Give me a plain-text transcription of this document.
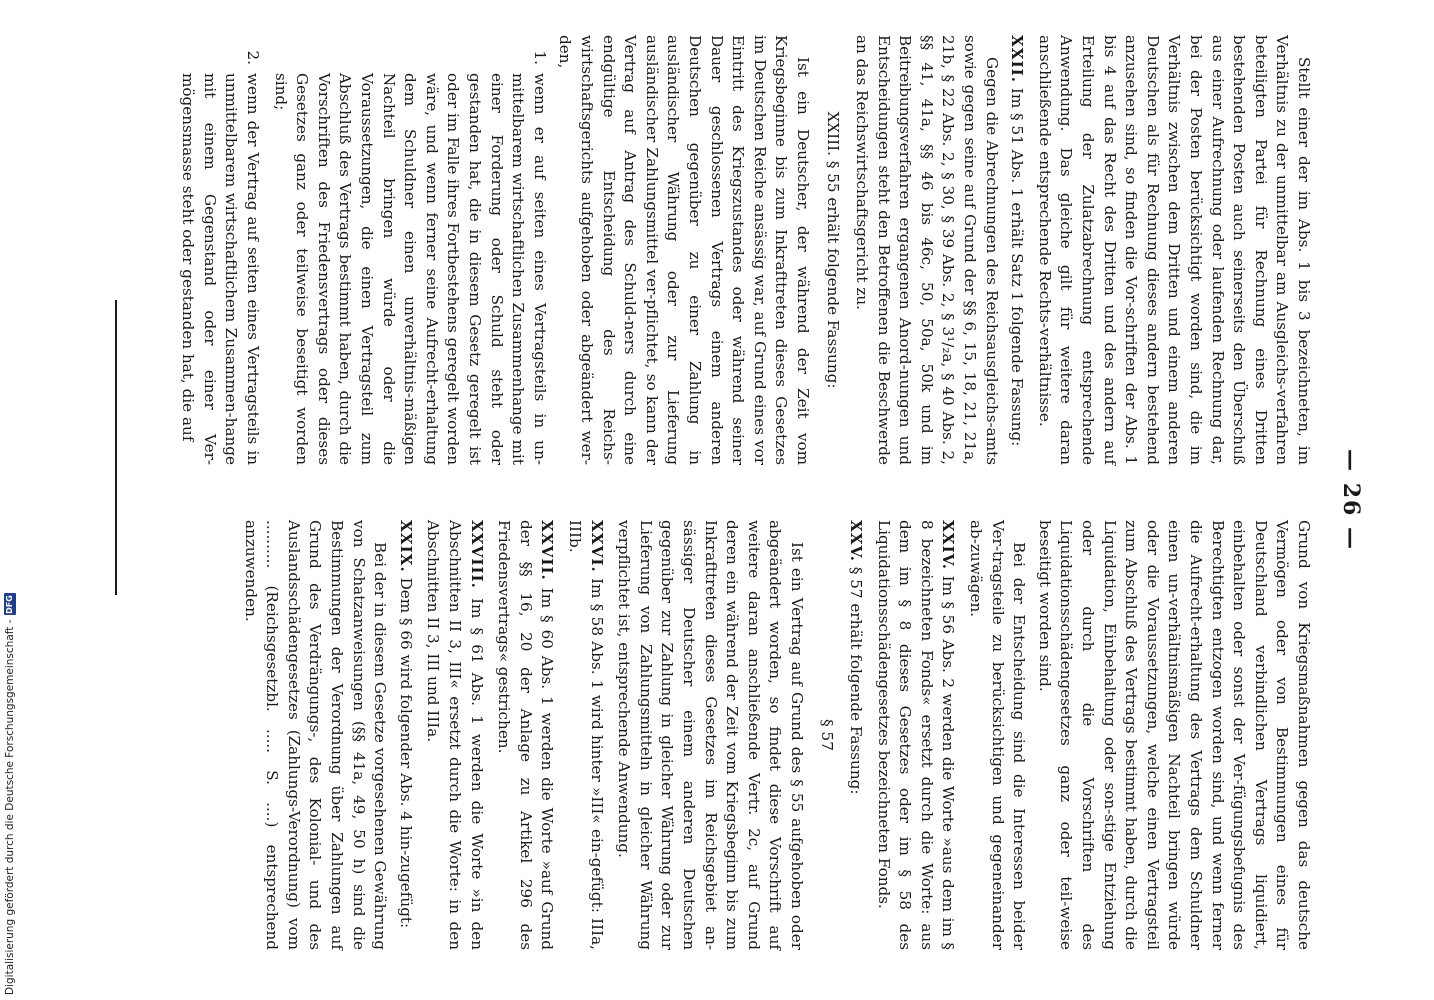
— 26 —

Stellt einer der im Abs. 1 bis 3 bezeichneten, im Verhältnis zu der unmittelbar am Ausgleichs-verfahren beteiligten Partei für Rechnung eines Dritten bestehenden Posten auch seinerseits den Überschuß aus einer Aufrechnung oder laufenden Rechnung dar, bei der Posten berücksichtigt worden sind, die im Verhältnis zwischen dem Dritten und einem anderen Deutschen als für Rechnung dieses andern bestehend anzusehen sind, so finden die Vor-schriften der Abs. 1 bis 4 auf das Recht des Dritten und des andern auf Erteilung der Zulatzabrechnung entsprechende Anwendung. Das gleiche gilt für weitere daran anschließende entsprechende Rechts-verhältnisse.

XXII. Im § 51 Abs. 1 erhält Satz 1 folgende Fassung:

Gegen die Abrechnungen des Reichsausgleichs-amts sowie gegen seine auf Grund der §§ 6, 15, 18, 21, 21a, 21b, § 22 Abs. 2, § 30, § 39 Abs. 2, § 3¹/₂a, § 40 Abs. 2, §§ 41, 41a, §§ 46 bis 46c, 50, 50a, 50k und im Beitreibungsverfahren ergangenen Anord-nungen und Entscheidungen steht den Betroffenen die Beschwerde an das Reichswirtschaftsgericht zu.

XXIII. § 55 erhält folgende Fassung:

Ist ein Deutscher, der während der Zeit vom Kriegsbeginne bis zum Inkrafttreten dieses Gesetzes im Deutschen Reiche ansässig war, auf Grund eines vor Eintritt des Kriegszustandes oder während seiner Dauer geschlossenen Vertrags einem anderen Deutschen gegenüber zu einer Zahlung in ausländischer Währung oder zur Lieferung ausländischer Zahlungsmittel ver-pflichtet, so kann der Vertrag auf Antrag des Schuld-ners durch eine endgültige Entscheidung des Reichs-wirtschaftsgerichts aufgehoben oder abgeändert wer-den,

1.
wenn er auf seiten eines Vertragsteils in un-mittelbarem wirtschaftlichen Zusammenhange mit einer Forderung oder Schuld steht oder gestanden hat, die in diesem Gesetz geregelt ist oder im Falle ihres Fortbestehens geregelt worden wäre, und wenn ferner seine Aufrecht-erhaltung dem Schuldner einen unverhältnis-mäßigen Nachteil bringen würde oder die Voraussetzungen, die einen Vertragsteil zum Abschluß des Vertrags bestimmt haben, durch die Vorschriften des Friedensvertrags oder dieses Gesetzes ganz oder teilweise beseitigt worden sind;
2.
wenn der Vertrag auf seiten eines Vertragsteils in unmittelbarem wirtschaftlichem Zusammen-hange mit einem Gegenstand oder einer Ver-mögensmasse steht oder gestanden hat, die auf

Grund von Kriegsmaßnahmen gegen das deutsche Vermögen oder von Bestimmungen eines für Deutschland verbindlichen Vertrags liquidiert, einbehalten oder sonst der Ver-fügungsbefugnis des Berechtigten entzogen worden sind, und wenn ferner die Aufrecht-erhaltung des Vertrags dem Schuldner einen un-verhältnismäßigen Nachteil bringen würde oder die Voraussetzungen, welche einen Vertragsteil zum Abschluß des Vertrags bestimmt haben, durch die Liquidation, Einbehaltung oder son-stige Entziehung oder durch die Vorschriften des Liquidationsschädengesetzes ganz oder teil-weise beseitigt worden sind.

Bei der Entscheidung sind die Interessen beider Ver-tragsteile zu berücksichtigen und gegeneinander ab-zuwägen.

XXIV. Im § 56 Abs. 2 werden die Worte »aus dem im § 8 bezeichneten Fonds« ersetzt durch die Worte: aus dem im § 8 dieses Gesetzes oder im § 58 des Liquidationsschädengesetzes bezeichneten Fonds.

XXV. § 57 erhält folgende Fassung:

§ 57

Ist ein Vertrag auf Grund des § 55 aufgehoben oder abgeändert worden, so findet diese Vorschrift auf weitere daran anschließende Vertr. 2c, auf Grund deren ein während der Zeit vom Kriegsbeginn bis zum Inkrafttreten dieses Gesetzes im Reichsgebiet an-sässiger Deutscher einem anderen Deutschen gegenüber zur Zahlung in gleicher Währung oder zur Lieferung von Zahlungsmitteln in gleicher Währung verpflichtet ist, entsprechende Anwendung.

XXVI. Im § 58 Abs. 1 wird hinter »III« ein-gefügt: IIIa, IIIb.

XXVII. Im § 60 Abs. 1 werden die Worte »auf Grund der §§ 16, 20 der Anlage zu Artikel 296 des Friedensvertrags« gestrichen.

XXVIII. Im § 61 Abs. 1 werden die Worte »in den Abschnitten II 3, III« ersetzt durch die Worte: in den Abschnitten II 3, III und IIIa.

XXIX. Dem § 66 wird folgender Abs. 4 hin-zugefügt:

Bei der in diesem Gesetze vorgesehenen Gewährung von Schatzanweisungen (§§ 41a, 49, 50 h) sind die Bestimmungen der Verordnung über Zahlungen auf Grund des Verdrängungs-, des Kolonial- und des Auslandsschädengesetzes (Zahlungs-Verordnung) vom .......... (Reichsgesetzbl. ..... S. ....) entsprechend anzuwenden.

Digitalisierung gefördert durch die Deutsche Forschungsgemeinschaft -
DFG
